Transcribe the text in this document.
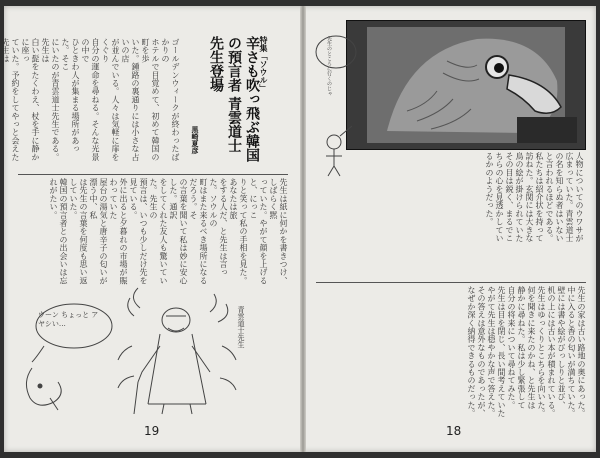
ゴールデンウィークが終わったばかりの
ホテルで目覚めて、初めて韓国の町を歩
いた。鍾路の裏通りには小さな占いの店
が並んでいる。人々は気軽に扉をくぐり
自分の運命を尋ねる。そんな光景の中で
ひときわ人が集まる場所があった。そこ
にいたのが青雲道士先生である。先生は
白い髭をたくわえ、杖を手に静かに座っ
ていた。予約をしてやっと会えた先生は	特集「ソウル」
辛さも吹っ飛ぶ韓国
の預言者 青雲道士
先生登場
黒崎夏彦
先生は紙に何かを書きつけ、しばらく黙
っていた。やがて顔を上げると、にっこ
りと笑って私の手相を見た。あなたは旅
をする人だ、と先生は言った。ソウルの
町はまた来るべき場所になるだろう。そ
の言葉を聞いて私は妙に安心した。通訳
をしてくれた友人も驚いていた。先生の
預言は、いつも少しだけ先を見ている。
外に出ると夕暮れの市場が賑わっていた
屋台の湯気と唐辛子の匂いが漂う中、私
は先生の言葉を何度も思い返していた。
韓国の預言者との出会いは忘れがたい。
ウーン ちょっと アヤシい…	青雲道士先生
19
先生のところに行くのじゃ
人物についてのウワサが
広まっていた。青雲道士
の名を知らぬ者はいない
と言われるほどである。
私たちは紹介状を持って
訪ねた。玄関には大きな
鳥の絵が掛けられていた
その目は鋭く、まるでこ
ちらの心を見透かしてい
るかのようだった。
先生の家は古い路地の奥にあった。
中に入ると香の匂いが満ちていた。
壁には書や絵がびっしりと並び、
机の上には古い本が積まれている。
先生はゆっくりとこちらを向いた。
何を聞きに来たのかね、と先生は
静かに尋ねた。私は少し緊張して
自分の将来について尋ねてみた。
先生は目を閉じ、長い間考えていた
やがて先生は穏やかな声で答えた。
その答えは意外なものであったが、
なぜか深く納得できるものだった。
18
